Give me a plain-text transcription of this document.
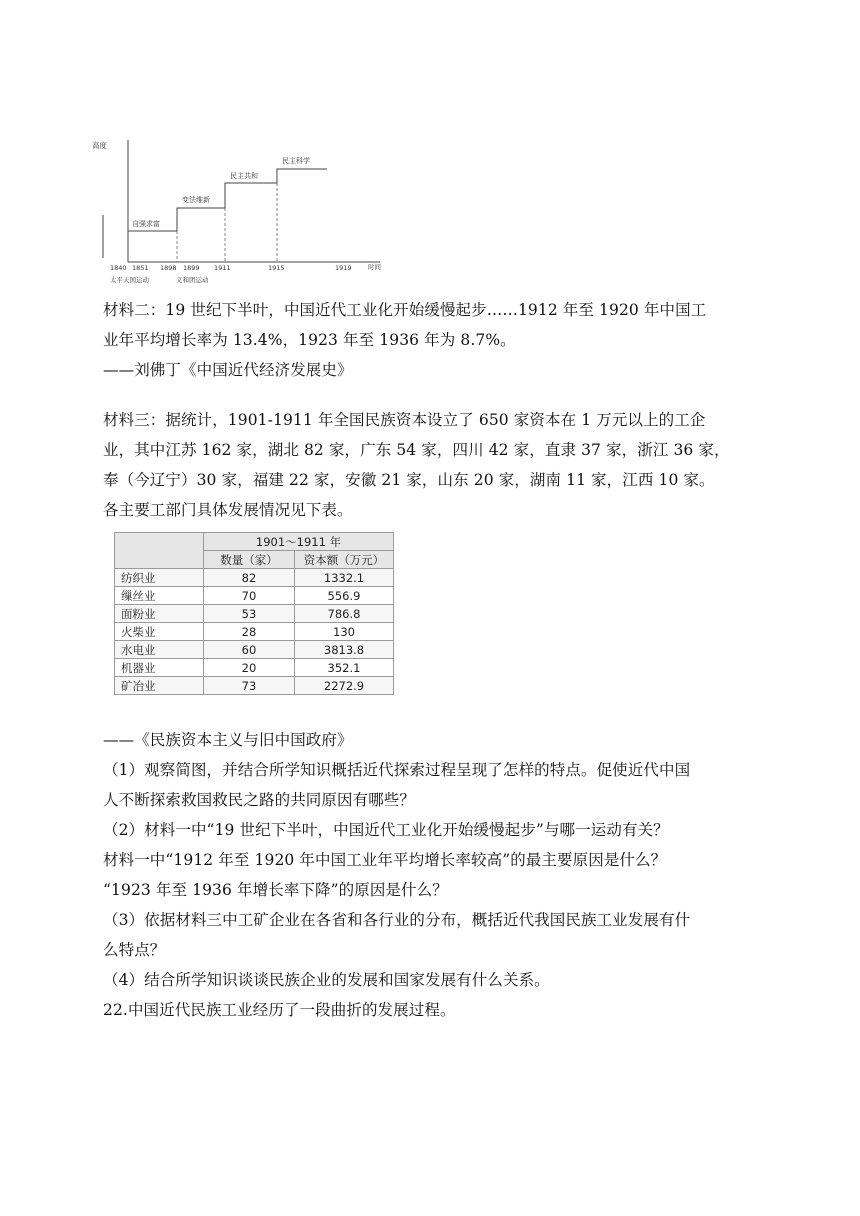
高度
时间
自强求富
变法维新
民主共和
民主科学
1840 1851 1898 1899 1911	1915	1919
太平天国运动	义和团运动
材料二：19 世纪下半叶，中国近代工业化开始缓慢起步……1912 年至 1920 年中国工
业年平均增长率为 13.4%，1923 年至 1936 年为 8.7%。
——刘佛丁《中国近代经济发展史》
材料三：据统计，1901-1911 年全国民族资本设立了 650 家资本在 1 万元以上的工企
业，其中江苏 162 家，湖北 82 家，广东 54 家，四川 42 家，直隶 37 家，浙江 36 家，
奉（今辽宁）30 家，福建 22 家，安徽 21 家，山东 20 家，湖南 11 家，江西 10 家。
各主要工部门具体发展情况见下表。
	1901～1911 年	
	数量（家）	资本额（万元）
纺织业	82	1332.1
缫丝业	70	556.9
面粉业	53	786.8
火柴业	28	130
水电业	60	3813.8
机器业	20	352.1
矿冶业	73	2272.9
——《民族资本主义与旧中国政府》
（1）观察简图，并结合所学知识概括近代探索过程呈现了怎样的特点。促使近代中国
人不断探索救国救民之路的共同原因有哪些？
（2）材料一中“19 世纪下半叶，中国近代工业化开始缓慢起步”与哪一运动有关？
材料一中“1912 年至 1920 年中国工业年平均增长率较高”的最主要原因是什么？
“1923 年至 1936 年增长率下降”的原因是什么？
（3）依据材料三中工矿企业在各省和各行业的分布，概括近代我国民族工业发展有什
么特点？
（4）结合所学知识谈谈民族企业的发展和国家发展有什么关系。
22.中国近代民族工业经历了一段曲折的发展过程。
